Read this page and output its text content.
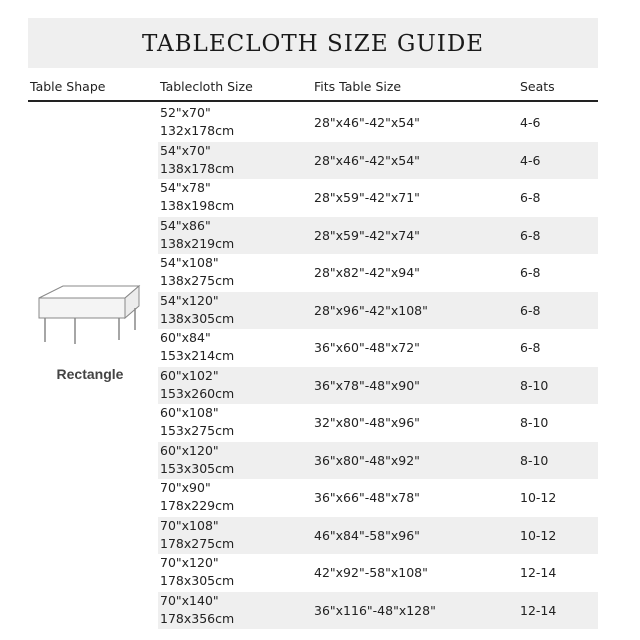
TABLECLOTH SIZE GUIDE
Table Shape	Tablecloth Size	Fits Table Size	Seats
Rectangle
52"x70"
132x178cm
28"x46"-42"x54"	4-6
54"x70"
138x178cm
28"x46"-42"x54"	4-6
54"x78"
138x198cm
28"x59"-42"x71"	6-8
54"x86"
138x219cm
28"x59"-42"x74"	6-8
54"x108"
138x275cm
28"x82"-42"x94"	6-8
54"x120"
138x305cm
28"x96"-42"x108"	6-8
60"x84"
153x214cm
36"x60"-48"x72"	6-8
60"x102"
153x260cm
36"x78"-48"x90"	8-10
60"x108"
153x275cm
32"x80"-48"x96"	8-10
60"x120"
153x305cm
36"x80"-48"x92"	8-10
70"x90"
178x229cm
36"x66"-48"x78"	10-12
70"x108"
178x275cm
46"x84"-58"x96"	10-12
70"x120"
178x305cm
42"x92"-58"x108"	12-14
70"x140"
178x356cm
36"x116"-48"x128"	12-14
